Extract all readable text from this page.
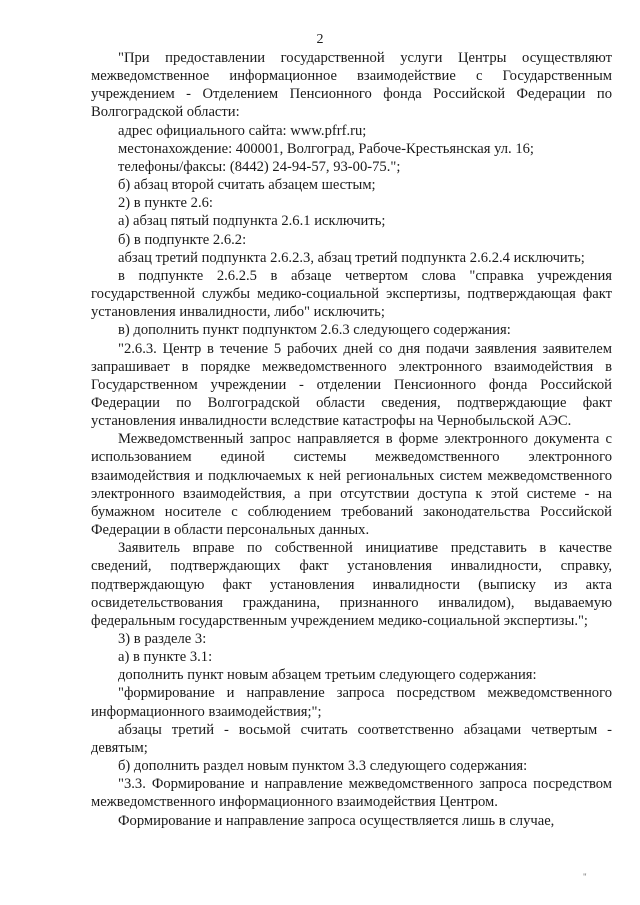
2

"При предоставлении государственной услуги Центры осуществляют межведомственное информационное взаимодействие с Государственным учреждением - Отделением Пенсионного фонда Российской Федерации по Волгоградской области:

адрес официального сайта: www.pfrf.ru;

местонахождение: 400001, Волгоград, Рабоче-Крестьянская ул. 16;

телефоны/факсы: (8442) 24-94-57, 93-00-75.";

б) абзац второй считать абзацем шестым;

2) в пункте 2.6:

а) абзац пятый подпункта 2.6.1 исключить;

б) в подпункте 2.6.2:

абзац третий подпункта 2.6.2.3, абзац третий подпункта 2.6.2.4 исключить;

в подпункте 2.6.2.5 в абзаце четвертом слова "справка учреждения государственной службы медико-социальной экспертизы, подтверждающая факт установления инвалидности, либо" исключить;

в) дополнить пункт подпунктом 2.6.3 следующего содержания:

"2.6.3. Центр в течение 5 рабочих дней со дня подачи заявления заявителем запрашивает в порядке межведомственного электронного взаимодействия в Государственном учреждении - отделении Пенсионного фонда Российской Федерации по Волгоградской области сведения, подтверждающие факт установления инвалидности вследствие катастрофы на Чернобыльской АЭС.

Межведомственный запрос направляется в форме электронного документа с использованием единой системы межведомственного электронного взаимодействия и подключаемых к ней региональных систем межведомственного электронного взаимодействия, а при отсутствии доступа к этой системе - на бумажном носителе с соблюдением требований законодательства Российской Федерации в области персональных данных.

Заявитель вправе по собственной инициативе представить в качестве сведений, подтверждающих факт установления инвалидности, справку, подтверждающую факт установления инвалидности (выписку из акта освидетельствования гражданина, признанного инвалидом), выдаваемую федеральным государственным учреждением медико-социальной экспертизы.";

3) в разделе 3:

а) в пункте 3.1:

дополнить пункт новым абзацем третьим следующего содержания:

"формирование и направление запроса посредством межведомственного информационного взаимодействия;";

абзацы третий - восьмой считать соответственно абзацами четвертым - девятым;

б) дополнить раздел новым пунктом 3.3 следующего содержания:

"3.3. Формирование и направление межведомственного запроса посредством межведомственного информационного взаимодействия Центром.

Формирование и направление запроса осуществляется лишь в случае,

"
